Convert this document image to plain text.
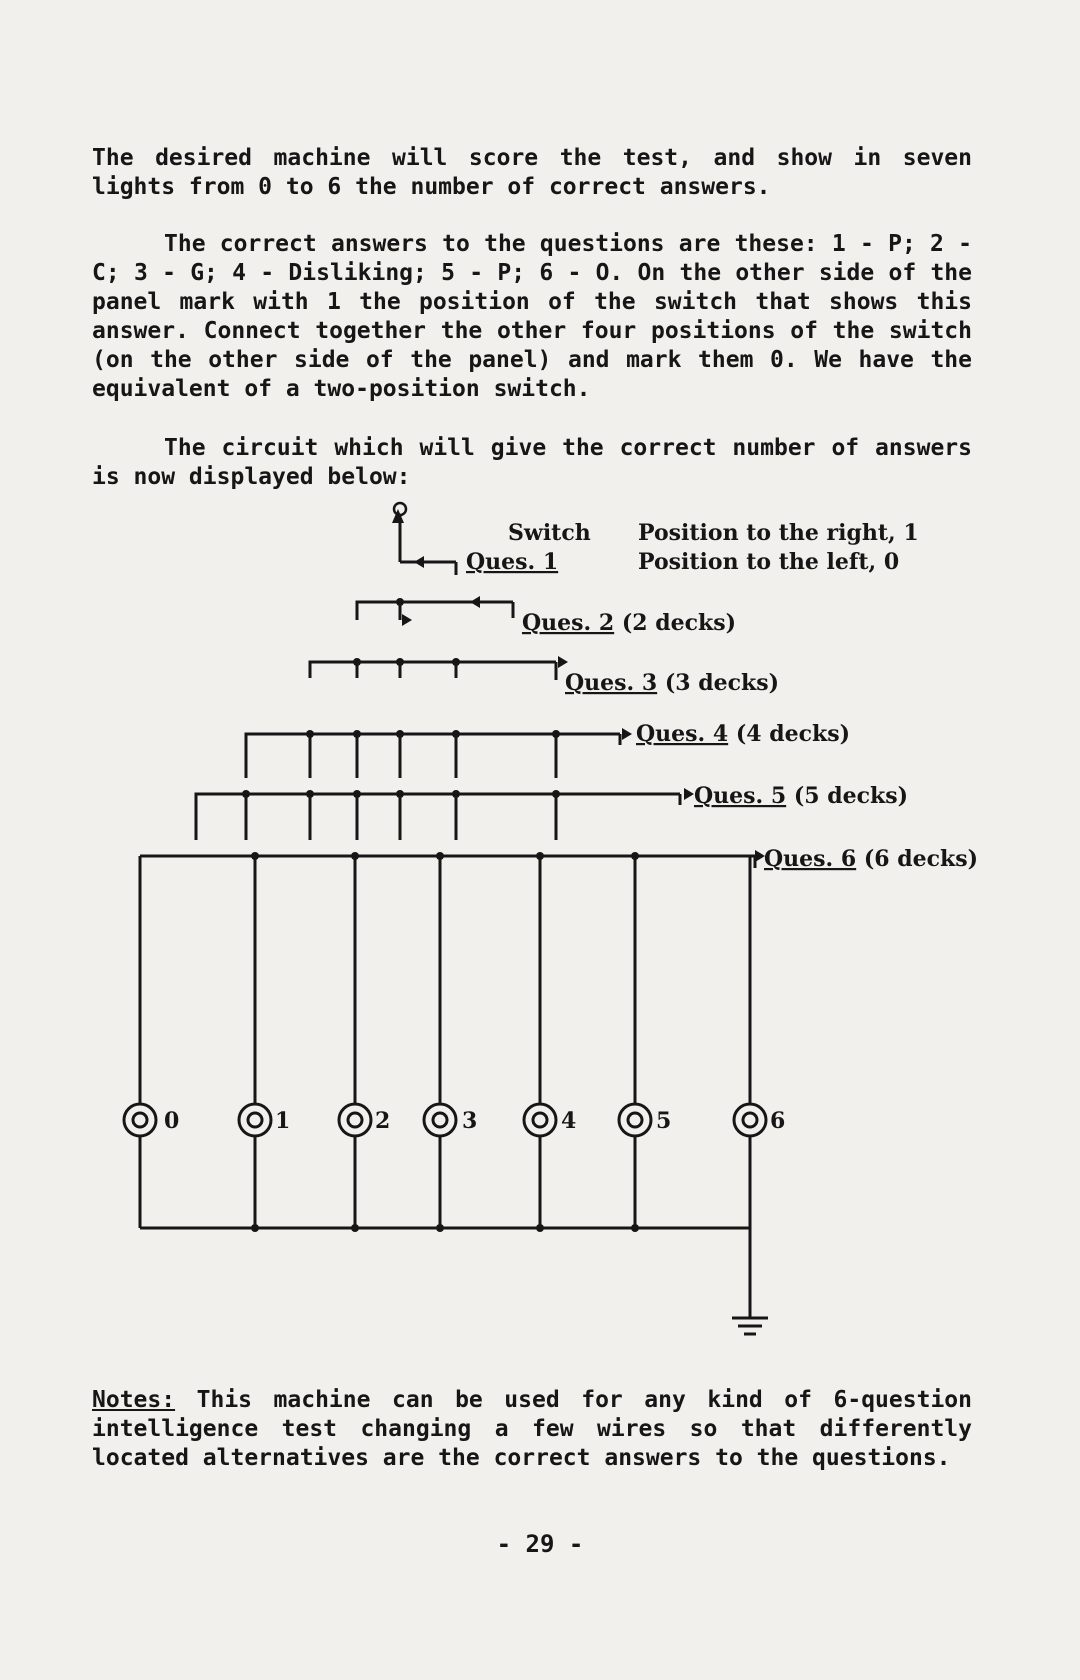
The desired machine will score the test, and show in seven lights from 0 to 6 the number of correct answers.

The correct answers to the questions are these: 1 - P; 2 - C; 3 - G; 4 - Disliking; 5 - P; 6 - O. On the other side of the panel mark with 1 the position of the switch that shows this answer. Connect together the other four positions of the switch (on the other side of the panel) and mark them 0. We have the equivalent of a two-position switch.

The circuit which will give the correct number of answers is now displayed below:

0	1	2	3	4	5	6
Switch Position to the right, 1
Position to the left, 0
Ques. 1
Ques. 2 (2 decks)
Ques. 3 (3 decks)
Ques. 4 (4 decks)
Ques. 5 (5 decks)
Ques. 6 (6 decks)

Notes: This machine can be used for any kind of 6-question intelligence test changing a few wires so that differently located alternatives are the correct answers to the questions.

- 29 -
